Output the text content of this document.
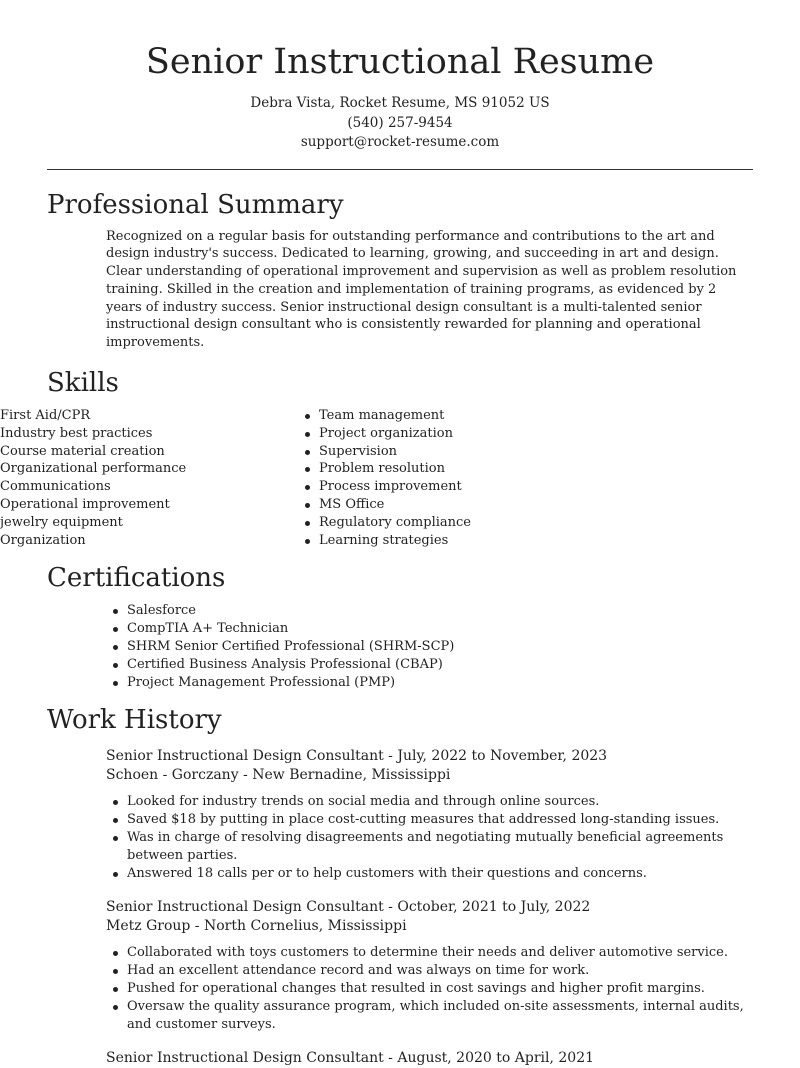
Senior Instructional Resume
Debra Vista, Rocket Resume, MS 91052 US
(540) 257-9454
support@rocket-resume.com
Professional Summary

Recognized on a regular basis for outstanding performance and contributions to the art and design industry's success. Dedicated to learning, growing, and succeeding in art and design. Clear understanding of operational improvement and supervision as well as problem resolution training. Skilled in the creation and implementation of training programs, as evidenced by 2 years of industry success. Senior instructional design consultant is a multi-talented senior instructional design consultant who is consistently rewarded for planning and operational improvements.

Skills
First Aid/CPR
Industry best practices
Course material creation
Organizational performance
Communications
Operational improvement
jewelry equipment
Organization
Team management
Project organization
Supervision
Problem resolution
Process improvement
MS Office
Regulatory compliance
Learning strategies
Certifications
Salesforce
CompTIA A+ Technician
SHRM Senior Certified Professional (SHRM-SCP)
Certified Business Analysis Professional (CBAP)
Project Management Professional (PMP)
Work History
Senior Instructional Design Consultant - July, 2022 to November, 2023
Schoen - Gorczany - New Bernadine, Mississippi
Looked for industry trends on social media and through online sources.
Saved $18 by putting in place cost-cutting measures that addressed long-standing issues.
Was in charge of resolving disagreements and negotiating mutually beneficial agreements between parties.
Answered 18 calls per or to help customers with their questions and concerns.
Senior Instructional Design Consultant - October, 2021 to July, 2022
Metz Group - North Cornelius, Mississippi
Collaborated with toys customers to determine their needs and deliver automotive service.
Had an excellent attendance record and was always on time for work.
Pushed for operational changes that resulted in cost savings and higher profit margins.
Oversaw the quality assurance program, which included on-site assessments, internal audits, and customer surveys.
Senior Instructional Design Consultant - August, 2020 to April, 2021
